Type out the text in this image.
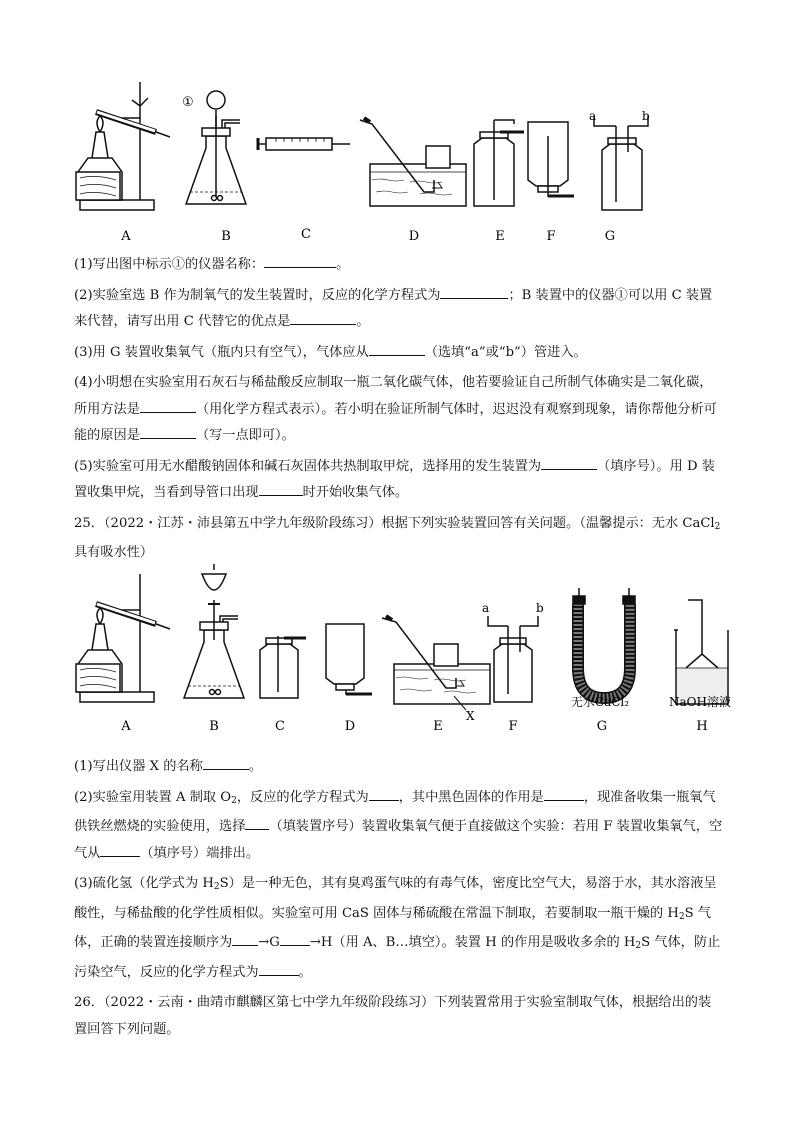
①
a	b
A	B	C	D	E	F	G

(1)写出图中标示①的仪器名称：	。

(2)实验室选 B 作为制氧气的发生装置时，反应的化学方程式为	；B 装置中的仪器①可以用 C 装置来代替，请写出用 C 代替它的优点是	。

(3)用 G 装置收集氧气（瓶内只有空气），气体应从	（选填“a”或“b”）管进入。

(4)小明想在实验室用石灰石与稀盐酸反应制取一瓶二氧化碳气体，他若要验证自己所制气体确实是二氧化碳，所用方法是	（用化学方程式表示）。若小明在验证所制气体时，迟迟没有观察到现象，请你帮他分析可能的原因是	（写一点即可）。

(5)实验室可用无水醋酸钠固体和碱石灰固体共热制取甲烷，选择用的发生装置为	（填序号）。用 D 装置收集甲烷，当看到导管口出现	时开始收集气体。

25．（2022・江苏・沛县第五中学九年级阶段练习）根据下列实验装置回答有关问题。（温馨提示：无水 CaCl$_2$具有吸水性）

a	b
X
无水CaCl₂	NaOH溶液
A	B	C	D	E	F	G	H

(1)写出仪器 X 的名称	。

(2)实验室用装置 A 制取 $O_2$，反应的化学方程式为 ，其中黑色固体的作用是	，现准备收集一瓶氧气供铁丝燃烧的实验使用，选择 （填装置序号）装置收集氧气便于直接做这个实验：若用 F 装置收集氧气，空气从	（填序号）端排出。

(3)硫化氢（化学式为 $H_2S$）是一种无色，其有臭鸡蛋气味的有毒气体，密度比空气大，易溶于水，其水溶液呈酸性，与稀盐酸的化学性质相似。实验室可用 CaS 固体与稀硫酸在常温下制取，若要制取一瓶干燥的 $H_2S$ 气体，正确的装置连接顺序为 →G →H（用 A、B…填空）。装置 H 的作用是吸收多余的 $H_2S$ 气体，防止污染空气，反应的化学方程式为	。

26．（2022・云南・曲靖市麒麟区第七中学九年级阶段练习）下列装置常用于实验室制取气体，根据给出的装置回答下列问题。
